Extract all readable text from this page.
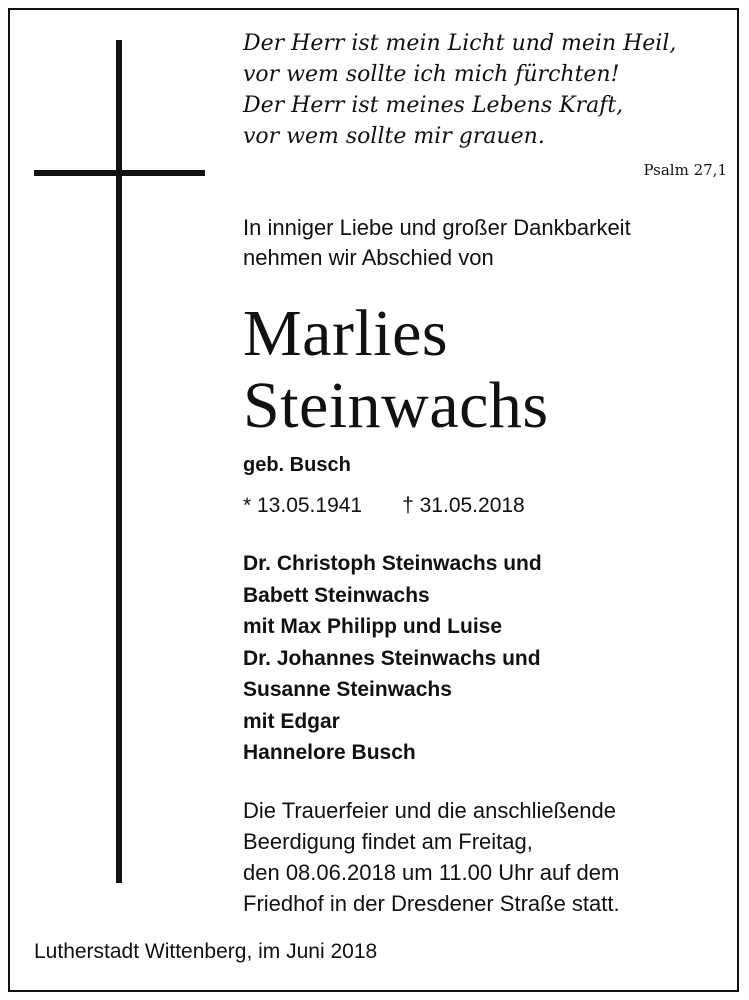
Der Herr ist mein Licht und mein Heil,
vor wem sollte ich mich fürchten!
Der Herr ist meines Lebens Kraft,
vor wem sollte mir grauen.
Psalm 27,1
In inniger Liebe und großer Dankbarkeit
nehmen wir Abschied von
Marlies
Steinwachs
geb. Busch
* 13.05.1941 † 31.05.2018
Dr. Christoph Steinwachs und
Babett Steinwachs
mit Max Philipp und Luise
Dr. Johannes Steinwachs und
Susanne Steinwachs
mit Edgar
Hannelore Busch
Die Trauerfeier und die anschließende
Beerdigung findet am Freitag,
den 08.06.2018 um 11.00 Uhr auf dem
Friedhof in der Dresdener Straße statt.
Lutherstadt Wittenberg, im Juni 2018
